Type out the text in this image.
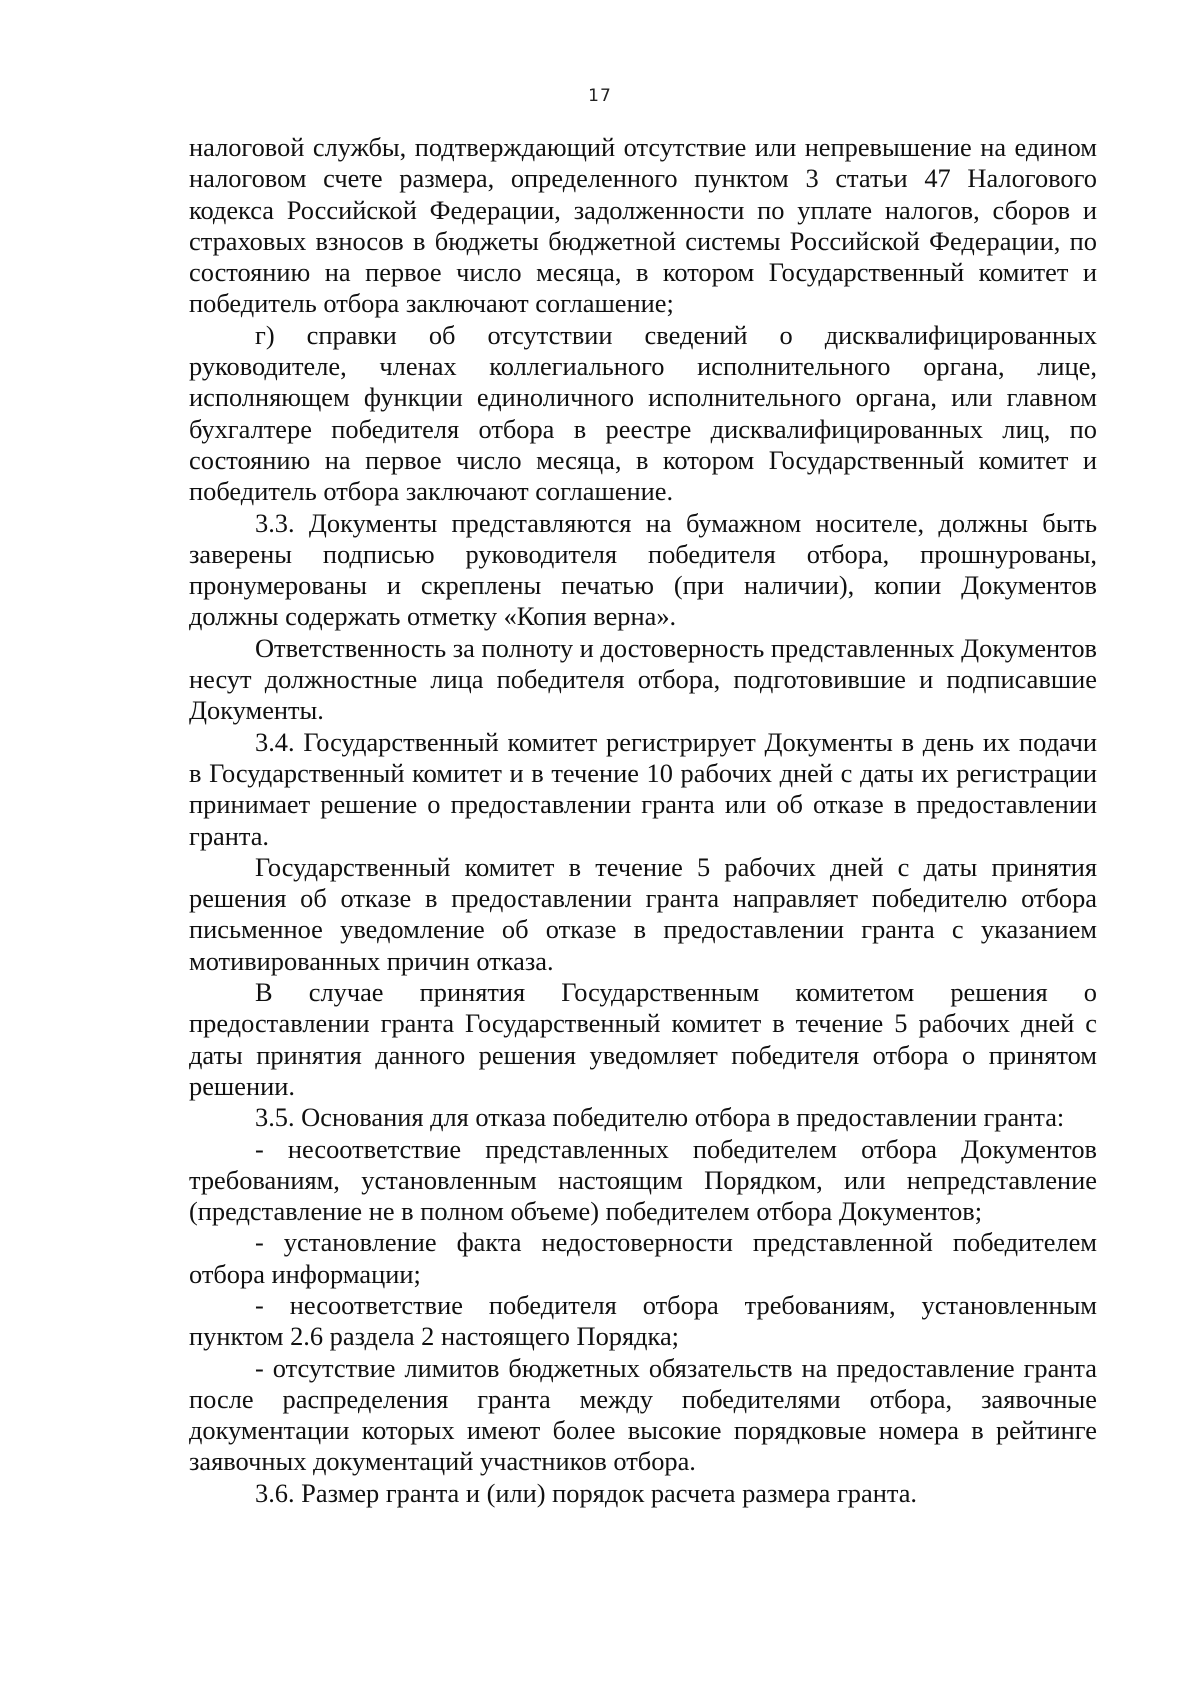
17

налоговой службы, подтверждающий отсутствие или непревышение на едином налоговом счете размера, определенного пунктом 3 статьи 47 Налогового кодекса Российской Федерации, задолженности по уплате налогов, сборов и страховых взносов в бюджеты бюджетной системы Российской Федерации, по состоянию на первое число месяца, в котором Государственный комитет и победитель отбора заключают соглашение;

г) справки об отсутствии сведений о дисквалифицированных руководителе, членах коллегиального исполнительного органа, лице, исполняющем функции единоличного исполнительного органа, или главном бухгалтере победителя отбора в реестре дисквалифицированных лиц, по состоянию на первое число месяца, в котором Государственный комитет и победитель отбора заключают соглашение.

3.3. Документы представляются на бумажном носителе, должны быть заверены подписью руководителя победителя отбора, прошнурованы, пронумерованы и скреплены печатью (при наличии), копии Документов должны содержать отметку «Копия верна».

Ответственность за полноту и достоверность представленных Документов несут должностные лица победителя отбора, подготовившие и подписавшие Документы.

3.4. Государственный комитет регистрирует Документы в день их подачи в Государственный комитет и в течение 10 рабочих дней с даты их регистрации принимает решение о предоставлении гранта или об отказе в предоставлении гранта.

Государственный комитет в течение 5 рабочих дней с даты принятия решения об отказе в предоставлении гранта направляет победителю отбора письменное уведомление об отказе в предоставлении гранта с указанием мотивированных причин отказа.

В случае принятия Государственным комитетом решения о предоставлении гранта Государственный комитет в течение 5 рабочих дней с даты принятия данного решения уведомляет победителя отбора о принятом решении.

3.5. Основания для отказа победителю отбора в предоставлении гранта:

- несоответствие представленных победителем отбора Документов требованиям, установленным настоящим Порядком, или непредставление (представление не в полном объеме) победителем отбора Документов;

- установление факта недостоверности представленной победителем отбора информации;

- несоответствие победителя отбора требованиям, установленным пунктом 2.6 раздела 2 настоящего Порядка;

- отсутствие лимитов бюджетных обязательств на предоставление гранта после распределения гранта между победителями отбора, заявочные документации которых имеют более высокие порядковые номера в рейтинге заявочных документаций участников отбора.

3.6. Размер гранта и (или) порядок расчета размера гранта.
